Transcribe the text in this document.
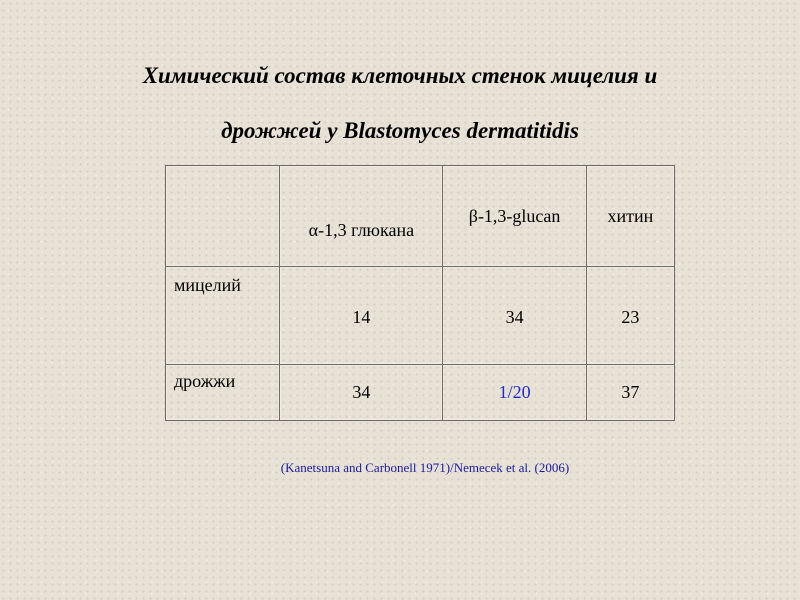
Химический состав клеточных стенок мицелия и
дрожжей у Blastomyces dermatitidis
	α-1,3 глюкана	β-1,3-glucan	хитин
мицелий	14	34	23
дрожжи	34	1/20	37
(Kanetsuna and Carbonell 1971)/Nemecek et al. (2006)
